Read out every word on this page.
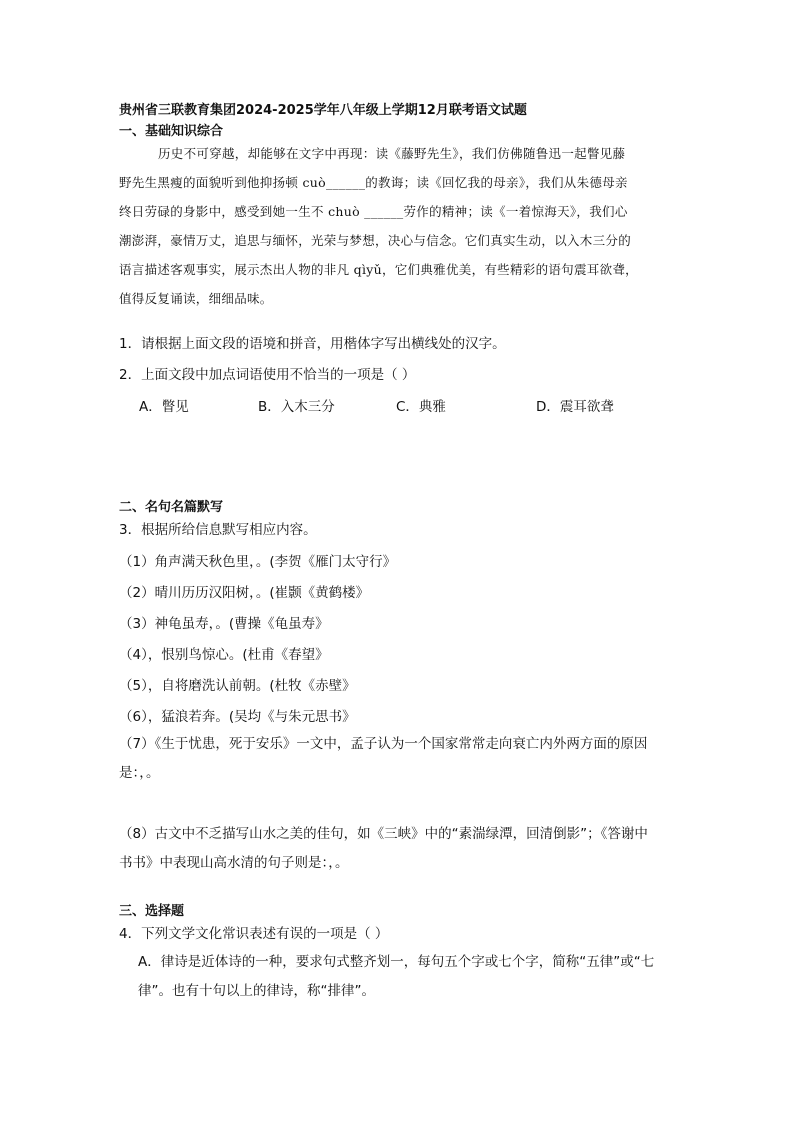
贵州省三联教育集团2024-2025学年八年级上学期12月联考语文试题
一、基础知识综合
历史不可穿越，却能够在文字中再现：读《藤野先生》，我们仿佛随鲁迅一起瞥见藤
野先生黑瘦的面貌听到他抑扬顿 cuò______的教诲；读《回忆我的母亲》，我们从朱德母亲
终日劳碌的身影中，感受到她一生不 chuò ______劳作的精神；读《一着惊海天》，我们心
潮澎湃，豪情万丈，追思与缅怀，光荣与梦想，决心与信念。它们真实生动，以入木三分的
语言描述客观事实，展示杰出人物的非凡 qìyǔ，它们典雅优美，有些精彩的语句震耳欲聋，
值得反复诵读，细细品味。
1．请根据上面文段的语境和拼音，用楷体字写出横线处的汉字。
2．上面文段中加点词语使用不恰当的一项是（ ）
A．瞥见	B．入木三分	C．典雅	D．震耳欲聋
二、名句名篇默写
3．根据所给信息默写相应内容。
（1）角声满天秋色里，。(李贺《雁门太守行》
（2）晴川历历汉阳树，。(崔颢《黄鹤楼》
（3）神龟虽寿，。(曹操《龟虽寿》
（4），恨别鸟惊心。(杜甫《春望》
（5），自将磨洗认前朝。(杜牧《赤壁》
（6），猛浪若奔。(吴均《与朱元思书》
（7）《生于忧患，死于安乐》一文中，孟子认为一个国家常常走向衰亡内外两方面的原因
是：，。
（8）古文中不乏描写山水之美的佳句，如《三峡》中的“素湍绿潭，回清倒影”；《答谢中
书书》中表现山高水清的句子则是：，。
三、选择题
4．下列文学文化常识表述有误的一项是（ ）
A．律诗是近体诗的一种，要求句式整齐划一，每句五个字或七个字，简称“五律”或“七
律”。也有十句以上的律诗，称“排律”。
